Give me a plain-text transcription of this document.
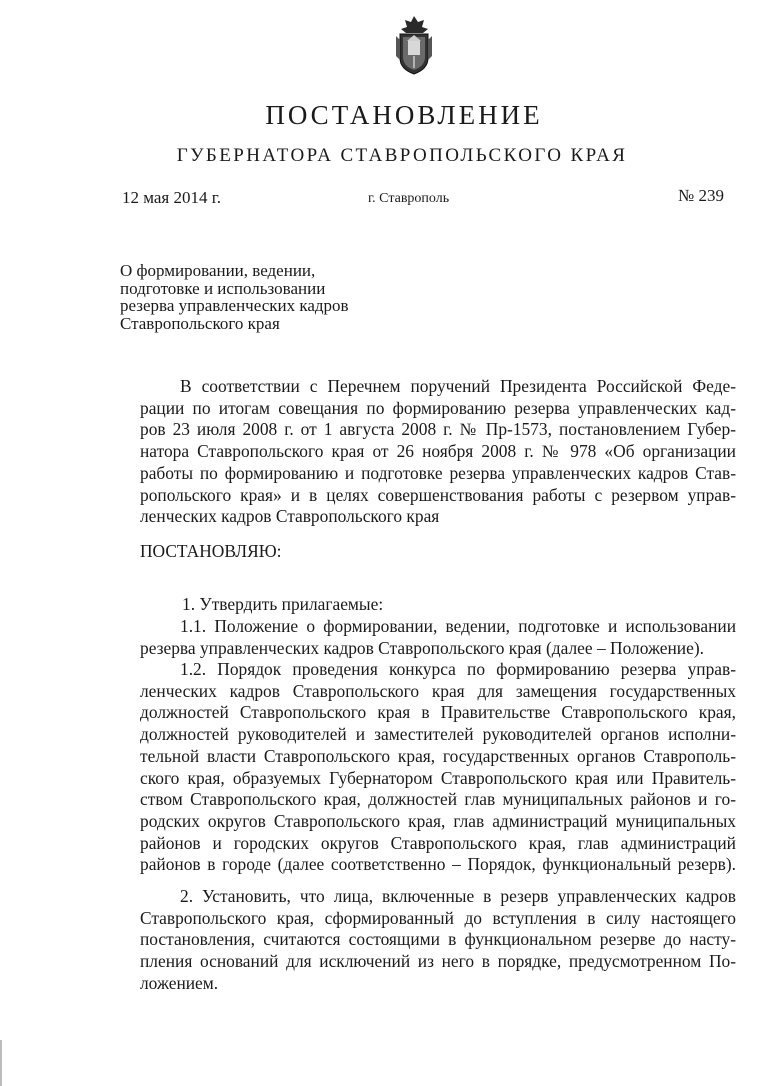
ПОСТАНОВЛЕНИЕ
ГУБЕРНАТОРА СТАВРОПОЛЬСКОГО КРАЯ
12 мая 2014 г.	г. Ставрополь	№ 239
О формировании, ведении,
подготовке и использовании
резерва управленческих кадров
Ставропольского края
В соответствии с Перечнем поручений Президента Российской Феде-
рации по итогам совещания по формированию резерва управленческих кад-
ров 23 июля 2008 г. от 1 августа 2008 г. № Пр-1573, постановлением Губер-
натора Ставропольского края от 26 ноября 2008 г. № 978 «Об организации
работы по формированию и подготовке резерва управленческих кадров Став-
ропольского края» и в целях совершенствования работы с резервом управ-
ленческих кадров Ставропольского края
ПОСТАНОВЛЯЮ:
1. Утвердить прилагаемые:
1.1. Положение о формировании, ведении, подготовке и использовании
резерва управленческих кадров Ставропольского края (далее – Положение).
1.2. Порядок проведения конкурса по формированию резерва управ-
ленческих кадров Ставропольского края для замещения государственных
должностей Ставропольского края в Правительстве Ставропольского края,
должностей руководителей и заместителей руководителей органов исполни-
тельной власти Ставропольского края, государственных органов Ставрополь-
ского края, образуемых Губернатором Ставропольского края или Правитель-
ством Ставропольского края, должностей глав муниципальных районов и го-
родских округов Ставропольского края, глав администраций муниципальных
районов и городских округов Ставропольского края, глав администраций
районов в городе (далее соответственно – Порядок, функциональный резерв).
2. Установить, что лица, включенные в резерв управленческих кадров
Ставропольского края, сформированный до вступления в силу настоящего
постановления, считаются состоящими в функциональном резерве до насту-
пления оснований для исключений из него в порядке, предусмотренном По-
ложением.
